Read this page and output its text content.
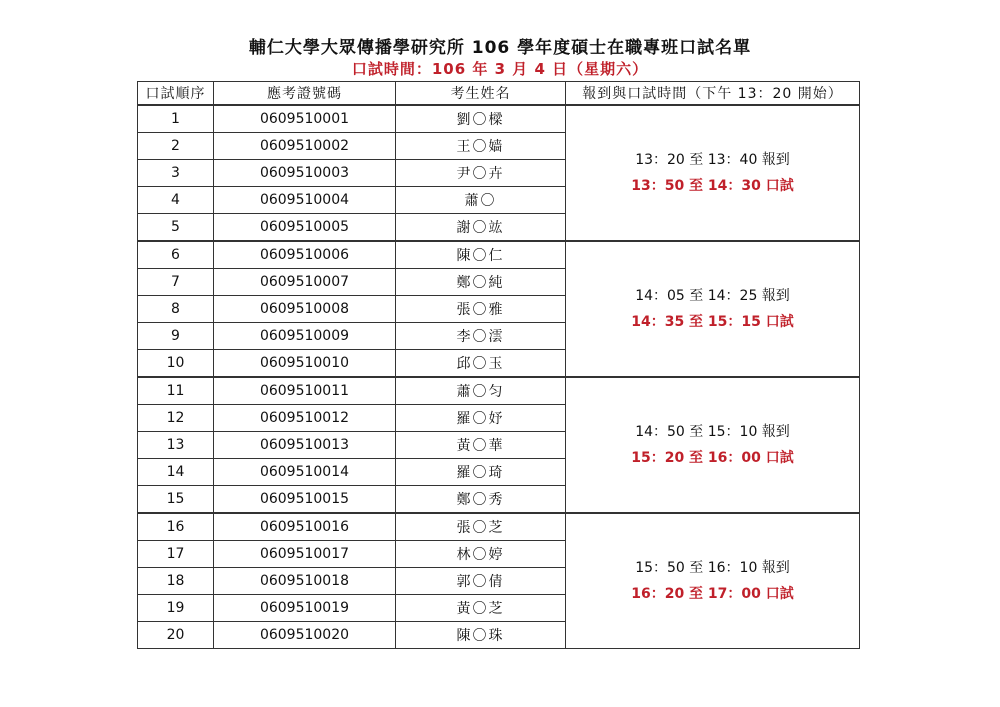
輔仁大學大眾傳播學研究所 106 學年度碩士在職專班口試名單
口試時間：106 年 3 月 4 日（星期六）
口試順序	應考證號碼	考生姓名	報到與口試時間（下午 13：20 開始）
1	0609510001	劉〇樑	13：20 至 13：40 報到
13：50 至 14：30 口試

2	0609510002	王〇嫱	
3	0609510003	尹〇卉	
4	0609510004	蕭〇	
5	0609510005	謝〇竑	
6	0609510006	陳〇仁	14：05 至 14：25 報到
14：35 至 15：15 口試

7	0609510007	鄭〇純	
8	0609510008	張〇雅	
9	0609510009	李〇澐	
10	0609510010	邱〇玉	
11	0609510011	蕭〇匀	14：50 至 15：10 報到
15：20 至 16：00 口試

12	0609510012	羅〇妤	
13	0609510013	黃〇華	
14	0609510014	羅〇琦	
15	0609510015	鄭〇秀	
16	0609510016	張〇芝	15：50 至 16：10 報到
16：20 至 17：00 口試

17	0609510017	林〇婷	
18	0609510018	郭〇倩	
19	0609510019	黃〇芝	
20	0609510020	陳〇珠	
